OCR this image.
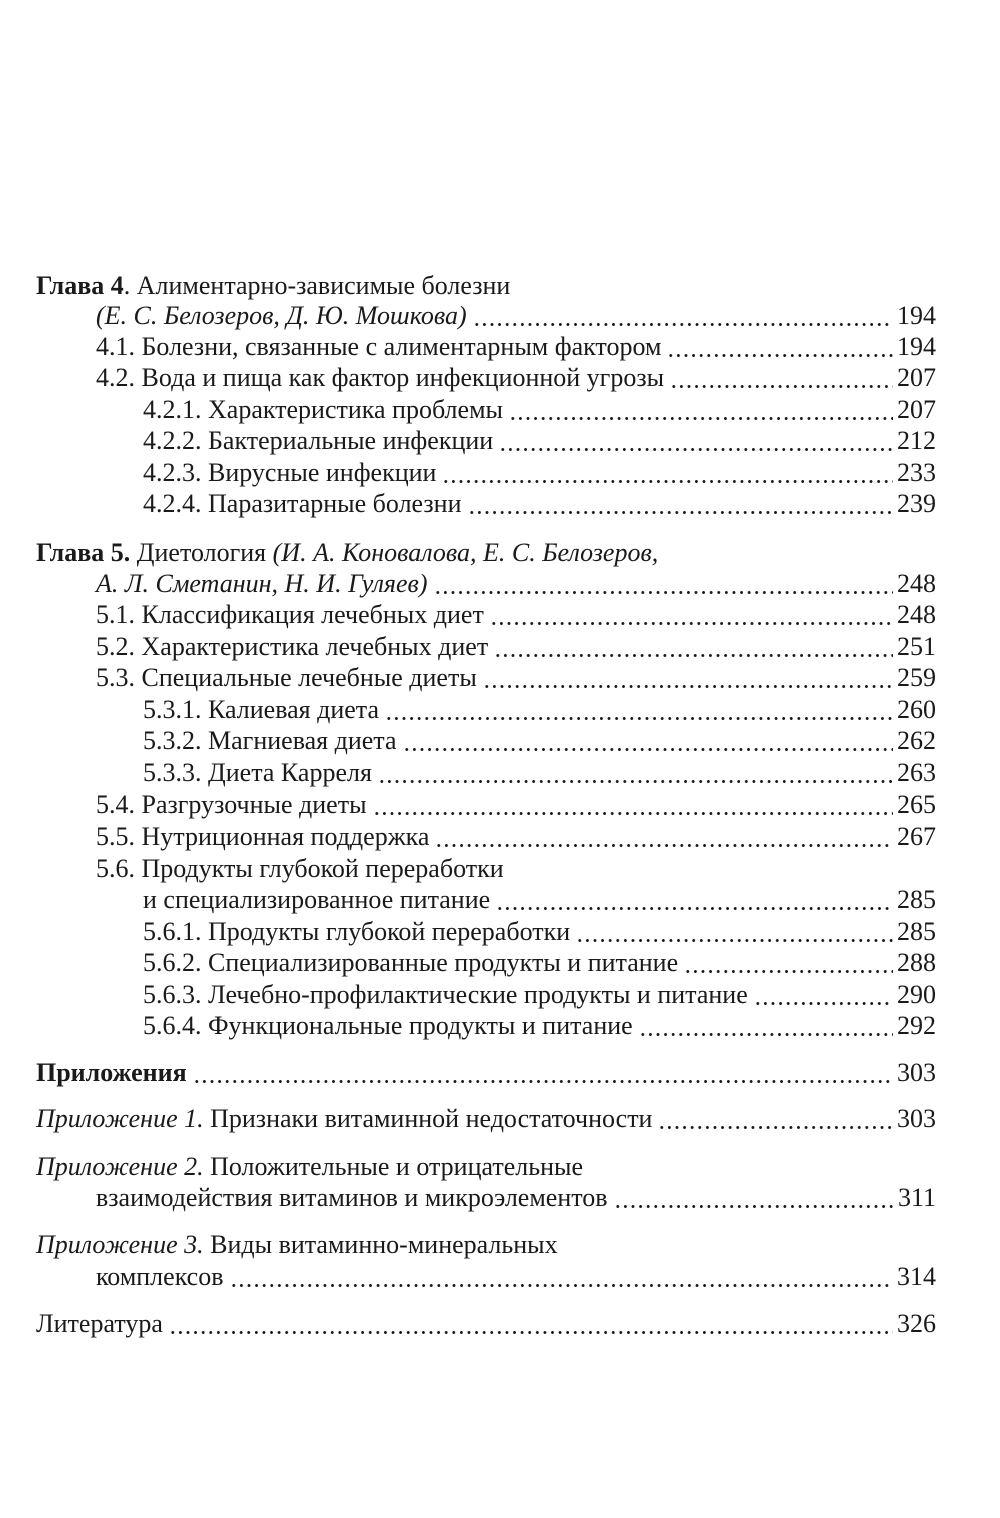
Глава 4. Алиментарно-зависимые болезни
(Е. С. Белозеров, Д. Ю. Мошкова)	194
4.1. Болезни, связанные с алиментарным фактором	194
4.2. Вода и пища как фактор инфекционной угрозы	207
4.2.1. Характеристика проблемы	207
4.2.2. Бактериальные инфекции	212
4.2.3. Вирусные инфекции	233
4.2.4. Паразитарные болезни	239
Глава 5. Диетология (И. А. Коновалова, Е. С. Белозеров,
А. Л. Сметанин, Н. И. Гуляев)	248
5.1. Классификация лечебных диет	248
5.2. Характеристика лечебных диет	251
5.3. Специальные лечебные диеты	259
5.3.1. Калиевая диета	260
5.3.2. Магниевая диета	262
5.3.3. Диета Карреля	263
5.4. Разгрузочные диеты	265
5.5. Нутриционная поддержка	267
5.6. Продукты глубокой переработки
и специализированное питание	285
5.6.1. Продукты глубокой переработки	285
5.6.2. Специализированные продукты и питание	288
5.6.3. Лечебно-профилактические продукты и питание	290
5.6.4. Функциональные продукты и питание	292
Приложения	303
Приложение 1. Признаки витаминной недостаточности	303
Приложение 2. Положительные и отрицательные
взаимодействия витаминов и микроэлементов	311
Приложение 3. Виды витаминно-минеральных
комплексов	314
Литература	326
